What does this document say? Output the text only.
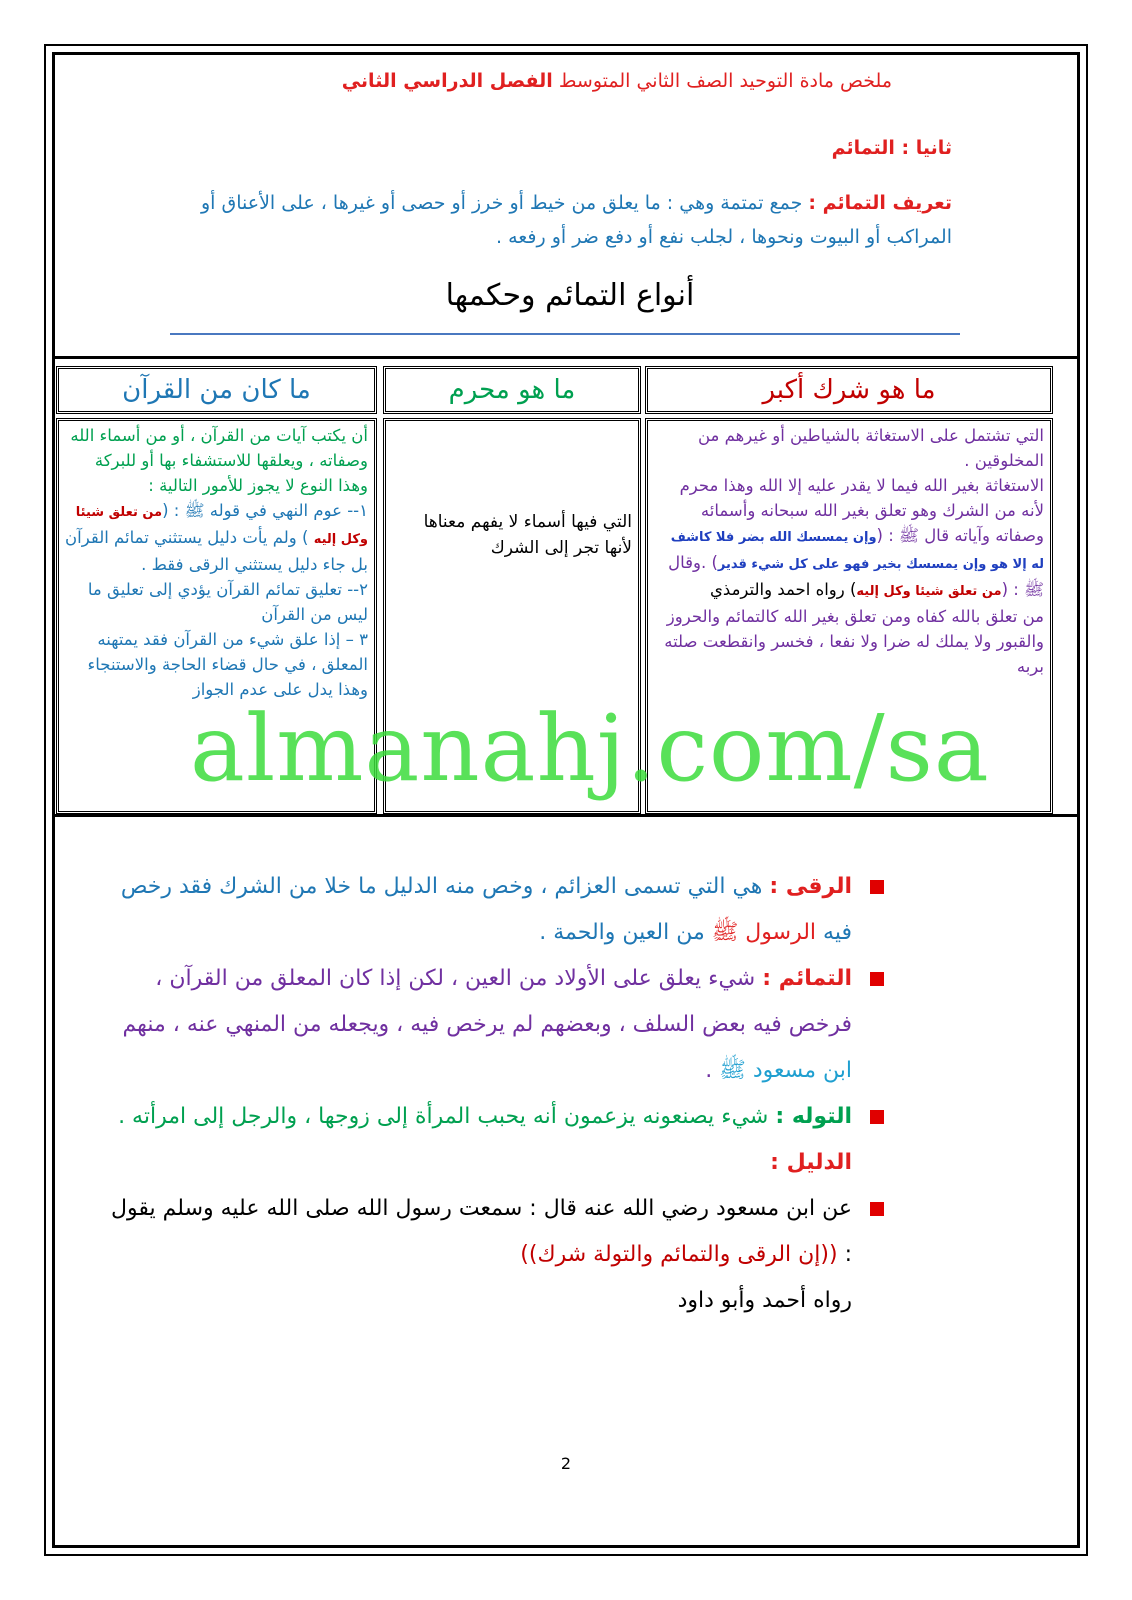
ملخص مادة التوحيد الصف الثاني المتوسط الفصل الدراسي الثاني
ثانيا : التمائم
تعريف التمائم : جمع تمتمة وهي : ما يعلق من خيط أو خرز أو حصى أو غيرها ، على الأعناق أو المراكب أو البيوت ونحوها ، لجلب نفع أو دفع ضر أو رفعه .
أنواع التمائم وحكمها
ما هو شرك أكبر
ما هو محرم
ما كان من القرآن
التي تشتمل على الاستغاثة بالشياطين أو غيرهم من المخلوقين .
الاستغاثة بغير الله فيما لا يقدر عليه إلا الله وهذا محرم لأنه من الشرك وهو تعلق بغير الله سبحانه وأسمائه وصفاته وآياته قال ﷺ : (وإن يمسسك الله بضر فلا كاشف له إلا هو وإن يمسسك بخير فهو على كل شيء قدير) .وقال ﷺ : (من تعلق شيئا وكل إليه) رواه احمد والترمذي
من تعلق بالله كفاه ومن تعلق بغير الله كالتمائم والحروز والقبور ولا يملك له ضرا ولا نفعا ، فخسر وانقطعت صلته بربه
التي فيها أسماء لا يفهم معناها لأنها تجر إلى الشرك
أن يكتب آيات من القرآن ، أو من أسماء الله وصفاته ، ويعلقها للاستشفاء بها أو للبركة وهذا النوع لا يجوز للأمور التالية :
١-- عوم النهي في قوله ﷺ : (من تعلق شيئا وكل إليه ) ولم يأت دليل يستثني تمائم القرآن بل جاء دليل يستثني الرقى فقط .
٢-- تعليق تمائم القرآن يؤدي إلى تعليق ما ليس من القرآن
٣ – إذا علق شيء من القرآن فقد يمتهنه المعلق ، في حال قضاء الحاجة والاستنجاء وهذا يدل على عدم الجواز
almanahj.com/sa
الرقى : هي التي تسمى العزائم ، وخص منه الدليل ما خلا من الشرك فقد رخص فيه الرسول ﷺ من العين والحمة .
التمائم : شيء يعلق على الأولاد من العين ، لكن إذا كان المعلق من القرآن ، فرخص فيه بعض السلف ، وبعضهم لم يرخص فيه ، ويجعله من المنهي عنه ، منهم ابن مسعود ﷺ .
التوله : شيء يصنعونه يزعمون أنه يحبب المرأة إلى زوجها ، والرجل إلى امرأته .
الدليل :
عن ابن مسعود رضي الله عنه قال : سمعت رسول الله صلى الله عليه وسلم يقول : ((إن الرقى والتمائم والتولة شرك))
رواه أحمد وأبو داود
2
